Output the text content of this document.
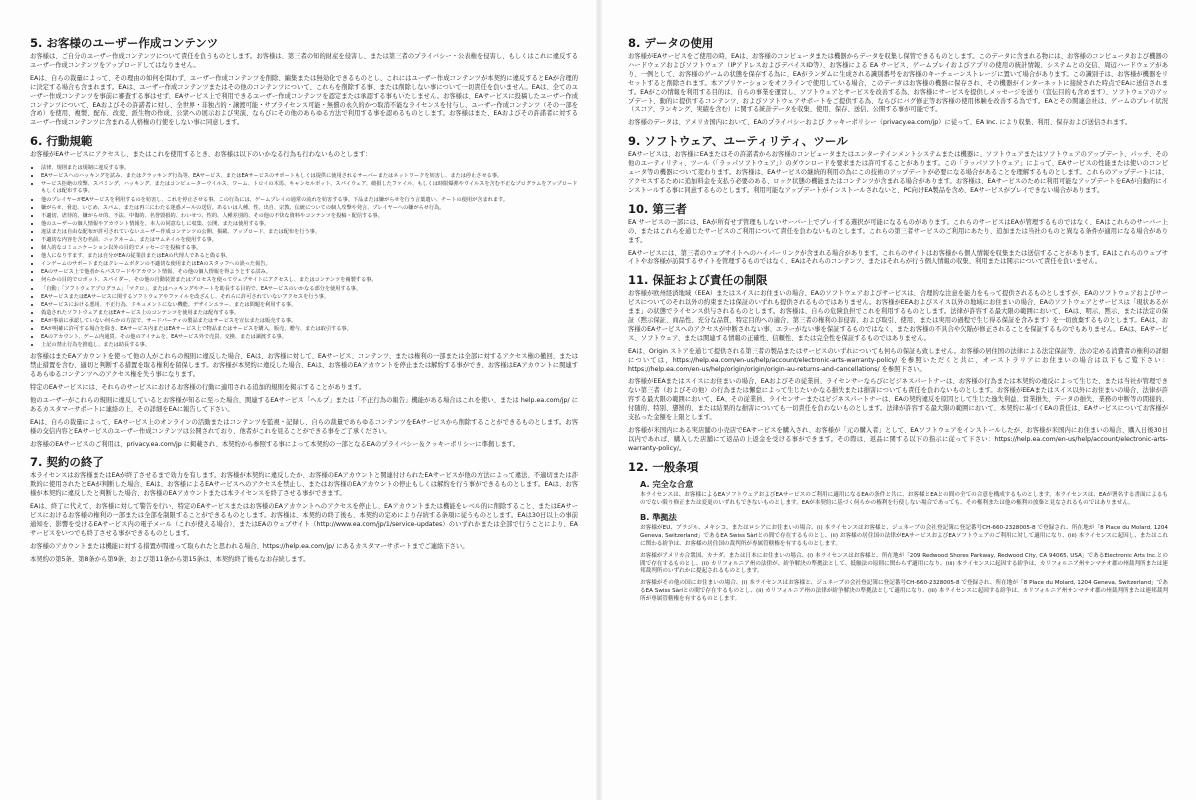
5. お客様のユーザー作成コンテンツ

お客様は、ご自分のユーザー作成コンテンツについて責任を負うものとします。お客様は、第三者の知的財産を侵害し、または第三者のプライバシー・公表権を侵害し、もしくはこれに違反するユーザー作成コンテンツをアップロードしてはなりません。

EAは、自らの裁量によって、その理由の如何を問わず、ユーザー作成コンテンツを削除、編集または無効化できるものとし、これにはユーザー作成コンテンツが本契約に違反するとEAが合理的に決定する場合も含まれます。EAは、ユーザー作成コンテンツまたはその他のコンテンツについて、これらを削除する事、または削除しない事について一切責任を負いません。EAは、全てのユーザー作成コンテンツを事前に審査する事はせず、EAサービス上で利用できるユーザー作成コンテンツを認定または承認する事もいたしません。お客様は、EAサービスに投稿したユーザー作成コンテンツについて、EAおよびその許諾者に対し、全世界・非独占的・譲渡可能・サブライセンス可能・無償の永久的かつ取消不能なライセンスを付与し、ユーザー作成コンテンツ（その一部を含め）を使用、複製、配布、改変、派生物の作成、公衆への展示および実演、ならびにその他のあらゆる方法で利用する事を認めるものとします。お客様はまた、EAおよびその許諾者に対するユーザー作成コンテンツに含まれる人格権の行使をしない事に同意します。

6. 行動規範

お客様がEAサービスにアクセスし、またはこれを使用するとき、お客様は以下のいかなる行為も行わないものとします：

• 法律、規則または規制に違反する事。
• EAサービスへのハッキングを試み、またはクラッキング行為等、EAサービス、またはEAサービスのサポートもしくは提供に使用されるサーバーまたはネットワークを妨害し、または停止させる事。
• サービス拒絶の攻撃、スパミング、ハッキング、またはコンピューターウイルス、ワーム、トロイの木馬、キャンセルボット、スパイウェア、破損したファイル、もしくは時限爆弾やウイルスを含む不正なプログラムをアップロードもしくは配布する事。
• 他のプレイヤーがEAサービスを利用するのを妨害し、これを停止させる事。この行為には、ゲームプレイの通常の流れを妨害する事、下品または嫌がらせを行う言葉遣い、チートの使用が含まれます。
• 嫌がらせ、脅迫、いじめ、スパム、または再三にわたる迷惑メールの送信。あるいは人種、性、出自、宗教、伝統についての個人攻撃や発言、プレイヤーへの嫌がらせ行為。
• 不適切、虐待的、嫌がらせ的、不法、中傷的、名誉毀損的、わいせつ、性的、人種差別的、その他の不快な資料やコンテンツを投稿・配信する事。
• 他のユーザーの個人情報やアカウント情報を、本人の同意なしに収集、公開、または使用する事。
• 違法または自由な配布が許可されていないユーザー作成コンテンツの公開、掲載、アップロード、または配布を行う事。
• 不適切な内容を含む名前、ニックネーム、またはサムネイルを使用する事。
• 個人的なコミュニケーション以外の目的でメッセージを投稿する事。
• 他人になりすます、または自分がEAの従業員またはEAの代理人であると偽る事。
• インゲームのサポートまたはクレームボタンの不適切な使用またはEAのスタッフへの誤った報告。
• EAのサービス上で他者からパスワードやアカウント情報、その他の個人情報を得ようとする試み。
• 何らかの目的でロボット、スパイダー、その他の自動装置またはプロセスを使ってウェブサイトにアクセスし、またはコンテンツを複製する事。
• 「自動」「ソフトウェアプログラム」「マクロ」、またはハッキングやチートを助長する目的で、EAサービスのいかなる部分を使用する事。
• EAサービスまたはEAサービスに関するソフトウェアやファイルを改ざんし、それらに許可されていないアクセスを行う事。
• EAサービスにおける悪用、不正行為、ドキュメントにない機能、デザインエラー、または問題を利用する事。
• 偽造されたソフトウェアまたはEAサービス上のコンテンツを使用または配布する事。
• EAが事前に承認していない何らかの方法で、サードパーティの製品またはサービスを宣伝または販売する事。
• EAが明確に許可する場合を除き、EAサービス内またはEAサービス上で物品またはサービスを購入、販売、贈与、または取引する事。
• EAのアカウント、ゲーム内通貨、その他のアイテムを、EAサービス外で売買、交換、または譲渡する事。
• 上記の禁止行為を推進し、または助長する事。

お客様はまたEAアカウントを使って他の人がこれらの規則に違反した場合、EAは、お客様に対して、EAサービス、コンテンツ、または権利の一部または全部に対するアクセス権の撤回、または禁止措置を含む、適切と判断する措置を取る権利を留保します。お客様が本契約に違反した場合、EAは、お客様のEAアカウントを停止または解約する事ができ、お客様はEAアカウントに関連するあらゆるコンテンツへのアクセス権を失う事になります。

特定のEAサービスには、それらのサービスにおけるお客様の行動に適用される追加的規則を掲示することがあります。

他のユーザーがこれらの規則に違反しているとお客様が知るに至った場合、関連するEAサービス「ヘルプ」または「不正行為の報告」機能がある場合はこれを使い、または help.ea.com/jp/ にあるカスタマーサポートに連絡の上、その詳細をEAに報告して下さい。

EAは、自らの裁量によって、EAサービス上のオンラインの活動またはコンテンツを監視・記録し、自らの裁量であらゆるコンテンツをEAサービスから削除することができるものとします。お客様の交信内容とEAサービスのユーザー作成コンテンツは公開されており、他者がこれを見ることができる事をご了承ください。

お客様のEAサービスのご利用は、privacy.ea.com/jp に掲載され、本契約から参照する事によって本契約の一部となるEAのプライバシー＆クッキーポリシーに準拠します。

7. 契約の終了

本ライセンスはお客様またはEAが終了させるまで効力を有します。お客様が本契約に違反したか、お客様のEAアカウントと関連付けられたEAサービスが他の方法によって違法、不適切または詐欺的に使用されたとEAが判断した場合、EAは、お客様によるEAサービスへのアクセスを禁止し、またはお客様のEAアカウントの停止もしくは解約を行う事ができるものとします。EAは、お客様が本契約に違反したと判断した場合、お客様のEAアカウントまたは本ライセンスを終了させる事ができます。

EAは、終了に代えて、お客様に対して警告を行い、特定のEAサービスまたはお客様のEAアカウントへのアクセスを停止し、EAアカウントまたは機能をレベル的に削除すること、またはEAサービスにおけるお客様の権利の一部または全部を制限することができるものとします。お客様は、本契約の終了後も、本契約の定めにより存続する条項に従うものとします。EAは30日以上の事前通知を、影響を受けるEAサービス内の電子メール（これが使える場合）、またはEAのウェブサイト（http://www.ea.com/jp/1/service-updates）のいずれかまたは全部で行うことにより、EAサービスをいつでも終了させる事ができるものとします。

お客様のアカウントまたは機能に対する措置が間違って取られたと思われる場合、https://help.ea.com/jp/ にあるカスタマーサポートまでご連絡下さい。

本契約の第5条、第8条から第9条、および第11条から第15条は、本契約終了後もなお存続します。

8. データの使用

お客様がEAサービスをご使用の時、EAは、お客様のコンピュータまたは機器からデータを収集し保管できるものとします。このデータに含まれる物には、お客様のコンピュータおよび機器のハードウェアおよびソフトウェア（IPアドレスおよびデバイスID等）、お客様による EA サービス、ゲームプレイおよびアプリの使用の統計情報、システムとの交信、周辺ハードウェアがあり、一例として、お客様のゲームの状態を保存する為に、EAがランダムに生成される識別番号をお客様のキーチェーンストレージに置いて場合があります。この識別子は、お客様が機器をリセットすると削除されます。本アプリケーションをオフラインで使用している場合、このデータはお客様の機器に保存され、その機器がインターネットに接続された時点でEAに送信されます。EAがこの情報を利用する目的は、自らの事業を運営し、ソフトウェアとサービスを改善する為、お客様にサービスを提供しメッセージを送り（宣伝目的も含めます）、ソフトウェアのアップデート、動的に提供するコンテンツ、およびソフトウェアサポートをご提供する為、ならびにバグ修正等お客様の使用体験を改善する為です。EAとその関連会社は、ゲームのプレイ状況（スコア、ランキング、実績を含む）に関する統計データを収集、使用、保存、送信、公開する事が可能です。

お客様のデータは、アメリカ国内において、EAのプライバシーおよび クッキーポリシー（privacy.ea.com/jp）に従って、EA Inc. により収集、利用、保存および送信されます。

9. ソフトウェア、ユーティリティ、ツール

EAサービスは、お客様にEAまたはその許諾者からお客様のコンピュータまたはエンターテインメントシステムまたは機器に、ソフトウェアまたはソフトウェアのアップデート、パッチ、その他のユーティリティ、ツール（「ラッパソフトウェア」）のダウンロードを要求または許可することがあります。この「ラッパソフトウェア」によって、EAサービスの性能または使いのコンピュータ等の機器について変わります。お客様は、EAサービスの継続的利用の為にこの技術のアップデートが必要になる場合があることを理解するものとします。これらのアップデートには、アクセスするために追加料金を支払う必要のある、ロック状態の機能またはコンテンツが含まれる場合があります。お客様は、EAサービスのために利用可能なアップデートをEAが自動的にインストールする事に同意するものとします。利用可能なアップデートがインストールされないと、PC向けEA製品を含め、EAサービスがプレイできない場合があります。

10. 第三者

EA サービスの一部には、EAが所有せず管理もしないサーバー上でプレイする選択が可能になるものがあります。これらのサービスはEAが管理するものではなく、EAはこれらのサーバー上の、またはこれらを通じたサービスのご利用について責任を負わないものとします。これらの第三者サービスのご利用にあたり、追加または当社のものと異なる条件が適用になる場合があります。

EAサービスには、第三者のウェブサイトへのハイパーリンクが含まれる場合があります。これらのサイトはお客様から個人情報を収集または送信することがあります。EAはこれらのウェブサイトやお客様が訪問するサイトを管理するものではなく、EAはそれらのコンテンツ、またはそれらが行う個人情報の収集、利用または開示について責任を負いません。

11. 保証および責任の制限

お客様が欧州経済地域（EEA）またはスイスにお住まいの場合、EAのソフトウェアおよびサービスは、合理的な注意を能力をもって提供されるものとしますが、EAのソフトウェアおよびサービスについてのそれ以外の約束または保証のいずれも提供されるものではありません。お客様がEEAおよびスイス以外の地域にお住まいの場合、EAのソフトウェアとサービスは「現状あるがまま」の状態でライセンス供与されるものとします。お客様は、自らの危険負担でこれを利用するものとします。法律が許容する最大限の範囲において、EAは、明示、黙示、または法定の保証（黙示保証、商品性、充分な品質、特定目的への適合、第三者の権利の非侵害、および取引、使用、または実用の過程で生じ得る保証を含みます）を一切放棄するものとします。EAは、お客様のEAサービスへのアクセスが中断されない事、エラーがない事を保証するものではなく、またお客様の不具合や欠陥が修正されることを保証するものでもありません。EAは、EAサービス、ソフトウェア、または関連する情報の正確性、信頼性、または完全性を保証するものではありません。

EAは、Origin ストアを通じて提供される第三者の製品またはサービスのいずれについても何らの保証も致しません。お客様の居住国の法律による法定保証等、法の定める消費者の権利の詳細については、https://help.ea.com/en-us/help/account/electronic-arts-warranty-policy/ を参照いただくと共に、オーストラリアにお住まいの場合は以下もご覧下さい：https://help.ea.com/en-us/help/origin/origin/origin-au-returns-and-cancellations/ を参照下さい。

お客様がEEAまたはスイスにお住まいの場合、EAおよびその従業員、ライセンサーならびにビジネスパートナーは、お客様の行為または本契約の違反によって生じた、または当社が管理できない第三者（およびその他）の行為または懈怠によって生じたいかなる損失または損害についても責任を負わないものとします。お客様がEEAまたはスイス以外にお住まいの場合、法律が許容する最大限の範囲において、EA、その従業員、ライセンサーまたはビジネスパートナーは、EAの契約違反を原因として生じた逸失利益、営業損失、データの損失、業務の中断等の間接的、付随的、特別、懲罰的、または結果的な損害についても一切責任を負わないものとします。法律が許容する最大限の範囲において、本契約に基づくEAの責任は、EAサービスについてお客様が支払った金額を上限とします。

お客様が米国内にある実店舗の小売店でEAサービスを購入され、お客様が「元の購入者」として、EAソフトウェアをインストールしたが、お客様が米国内にお住まいの場合、購入日後30日以内であれば、購入した店舗にて返品の上返金を受ける事ができます。その際は、返品に関する以下の指示に従って下さい：https://help.ea.com/en-us/help/account/electronic-arts-warranty-policy/。

12. 一般条項
A. 完全な合意

本ライセンスは、お客様によるEAソフトウェアおよびEAサービスのご利用に適用になるEAの条件と共に、お客様とEAとの間の全ての合意を構成するものとします。本ライセンスは、EAが署名する書面によるものでない限り修正または変更のいずれもできないものとします。EAが本契約に基づく何らかの権利を行使しない場合であっても、その権利または他の権利の放棄と見なされるものではありません。

B. 準拠法

お客様がEU、ブラジル、メキシコ、またはロシアにお住まいの場合、(i) 本ライセンスはお客様と、ジュネーブの会社登記簿に登記番号CH-660-2328005-8 で登録され、所在地が「8 Place du Molard, 1204 Geneva, Switzerland」であるEA Swiss Sàrlとの間で存在するものとし、(ii) お客様の居住国の法律がEAサービスおよびEAソフトウェアのご利用に対して適用になり、(iii) 本ライセンスに起因し、またはこれに関わる紛争は、お客様の居住国の裁判所が専属管轄権を有するものとします。

お客様がアメリカ合衆国、カナダ、または日本にお住まいの場合、(i) 本ライセンスはお客様と、所在地が「209 Redwood Shores Parkway, Redwood City, CA 94065, USA」であるElectronic Arts Inc.との間で存在するものとし、(ii) カリフォルニア州の法律が、紛争解決の準拠法として、抵触法の原則に関わらず適用になり、(iii) 本ライセンスに起因する紛争は、カリフォルニア州サンマテオ郡の州裁判所または連邦裁判所のいずれかに提起されるものとします。

お客様がその他の国にお住まいの場合、(i) 本ライセンスはお客様と、ジュネーブの会社登記簿に登記番号CH-660-2328005-8 で登録され、所在地が「8 Place du Molard, 1204 Geneva, Switzerland」であるEA Swiss Sàrlとの間で存在するものとし、(ii) カリフォルニア州の法律が紛争解決の準拠法として適用になり、(iii) 本ライセンスに起因する紛争は、カリフォルニア州サンマテオ郡の州裁判所または連邦裁判所が専属管轄権を有するものとします。
